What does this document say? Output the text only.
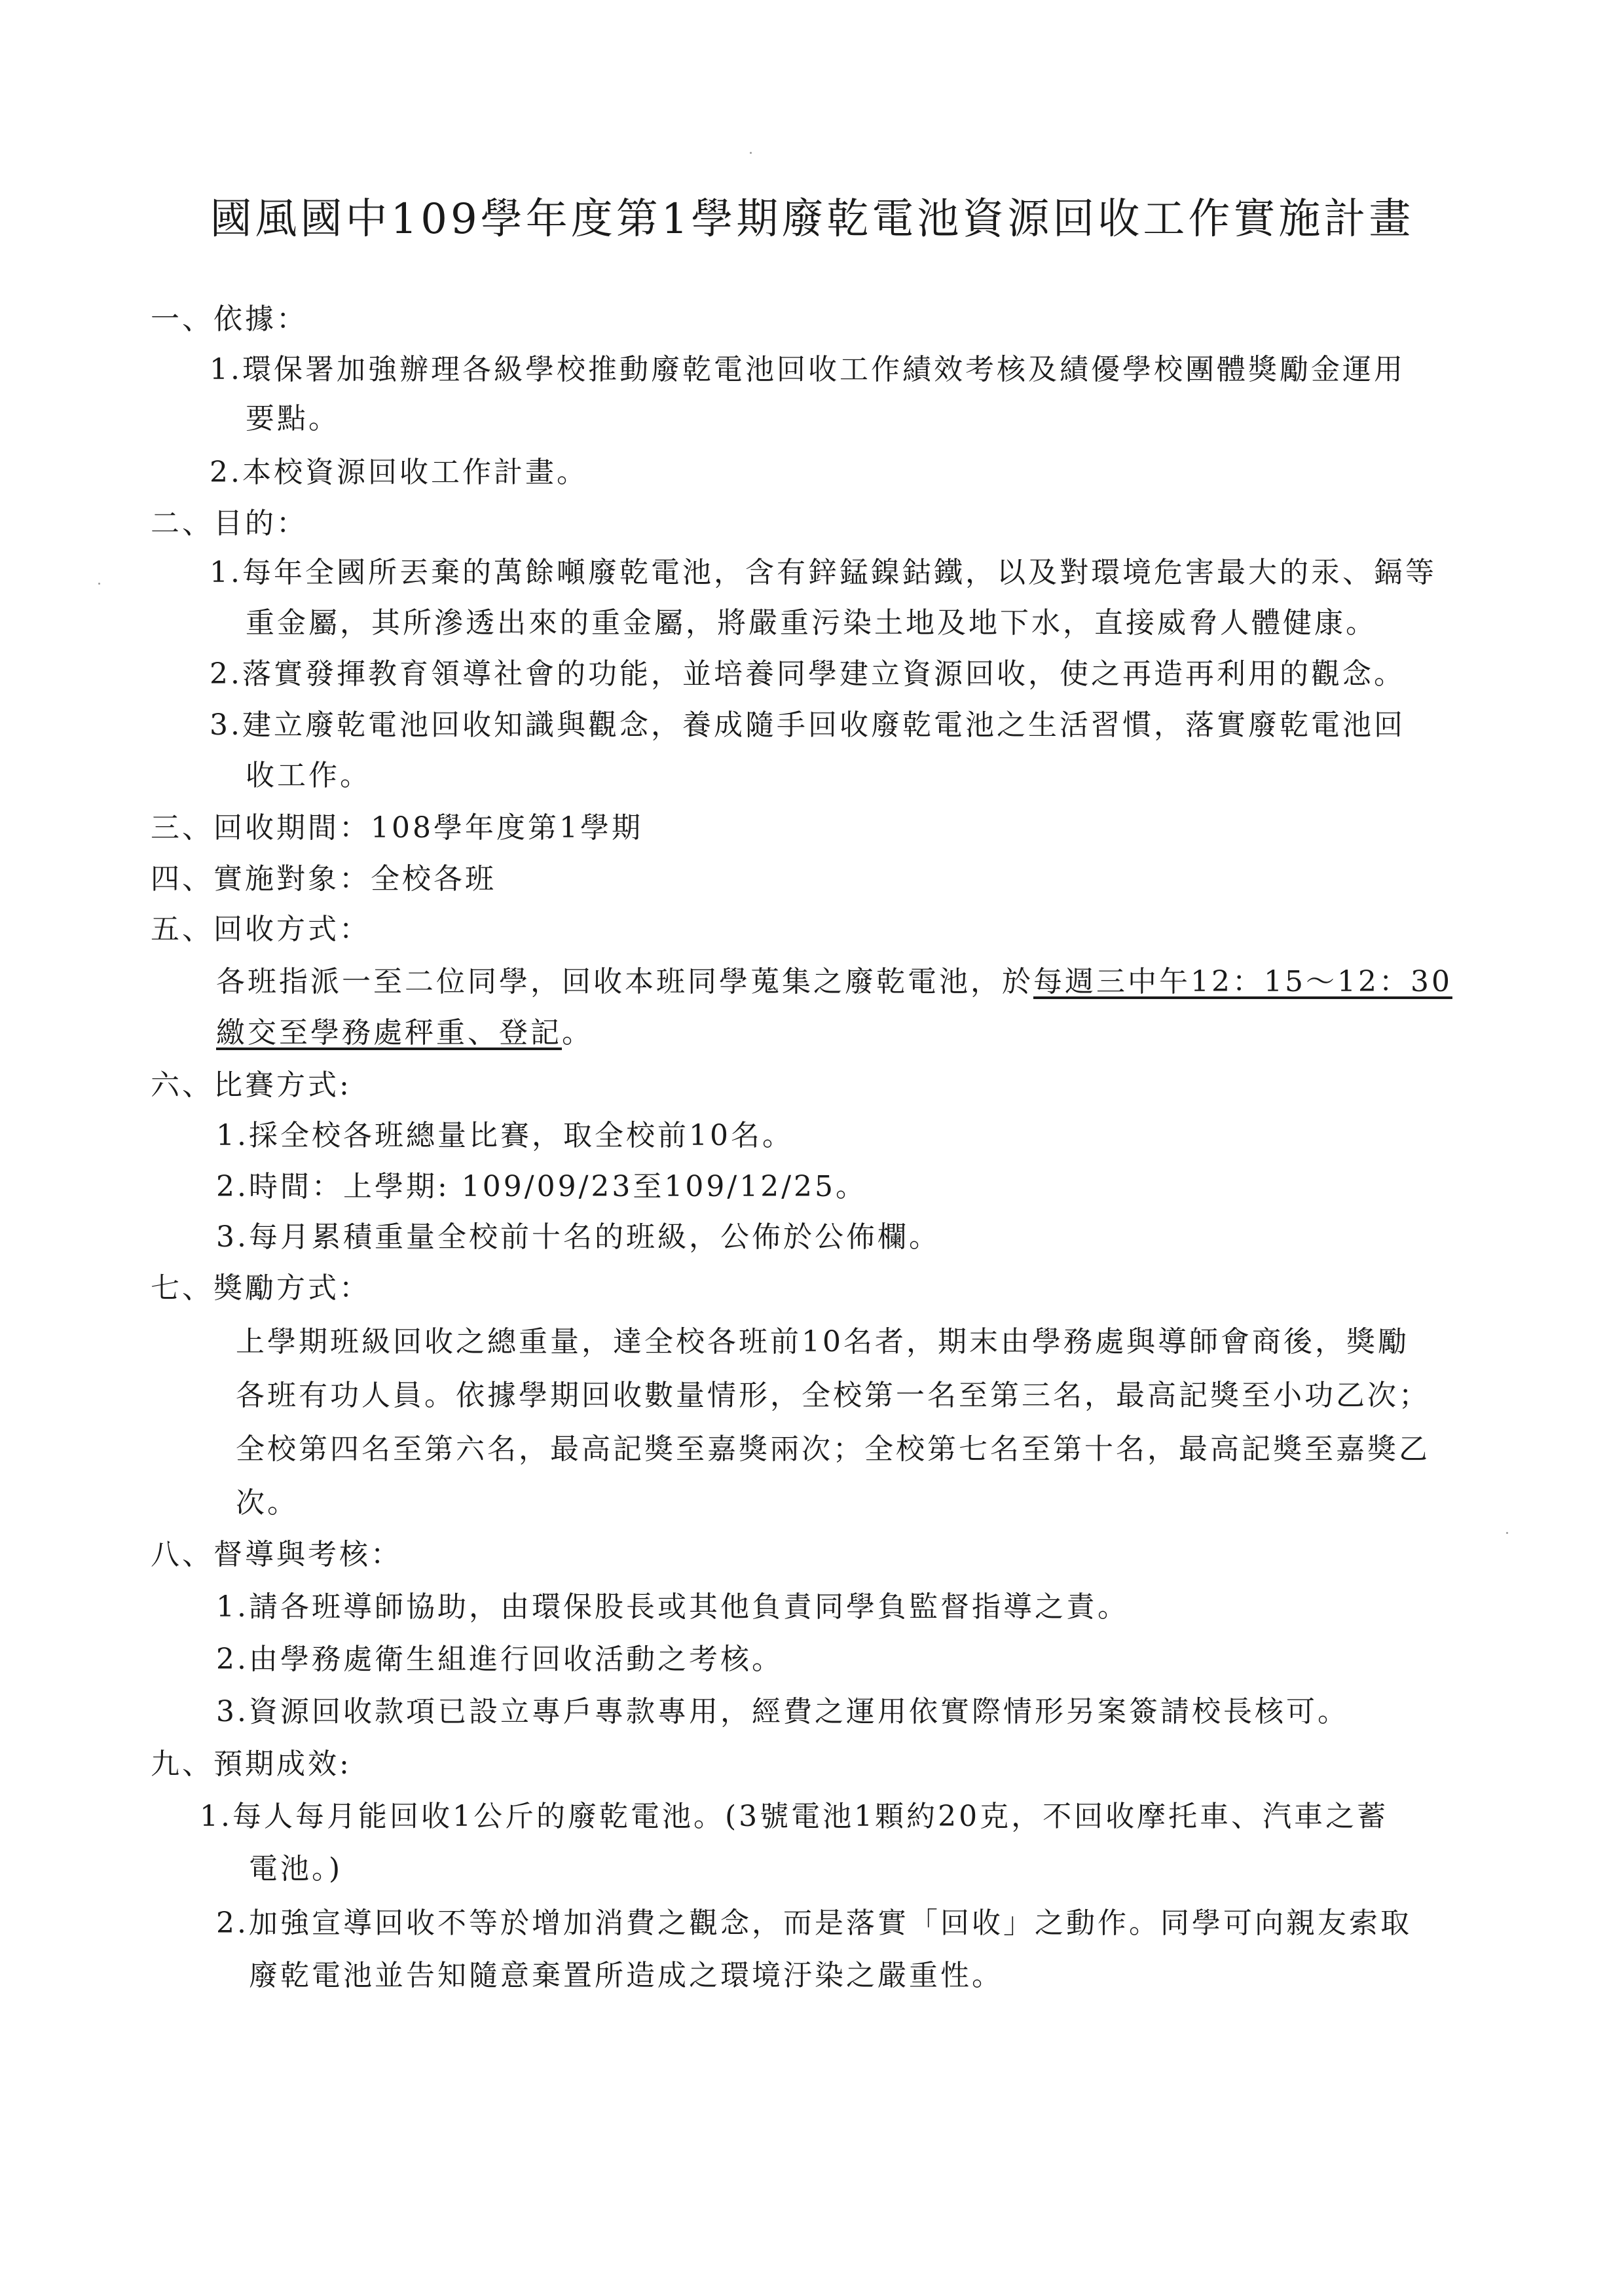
國風國中109學年度第1學期廢乾電池資源回收工作實施計畫
一、依據：
1.環保署加強辦理各級學校推動廢乾電池回收工作績效考核及績優學校團體獎勵金運用
要點。
2.本校資源回收工作計畫。
二、目的：
1.每年全國所丟棄的萬餘噸廢乾電池，含有鋅錳鎳鈷鐵，以及對環境危害最大的汞、鎘等
重金屬，其所滲透出來的重金屬，將嚴重污染土地及地下水，直接威脅人體健康。
2.落實發揮教育領導社會的功能，並培養同學建立資源回收，使之再造再利用的觀念。
3.建立廢乾電池回收知識與觀念，養成隨手回收廢乾電池之生活習慣，落實廢乾電池回
收工作。
三、回收期間：108學年度第1學期
四、實施對象：全校各班
五、回收方式：
各班指派一至二位同學，回收本班同學蒐集之廢乾電池，於每週三中午12：15～12：30
繳交至學務處秤重、登記。
六、比賽方式:
1.採全校各班總量比賽，取全校前10名。
2.時間：上學期: 109/09/23至109/12/25。
3.每月累積重量全校前十名的班級，公佈於公佈欄。
七、獎勵方式：
上學期班級回收之總重量，達全校各班前10名者，期末由學務處與導師會商後，獎勵
各班有功人員。依據學期回收數量情形，全校第一名至第三名，最高記獎至小功乙次；
全校第四名至第六名，最高記獎至嘉獎兩次；全校第七名至第十名，最高記獎至嘉獎乙
次。
八、督導與考核：
1.請各班導師協助，由環保股長或其他負責同學負監督指導之責。
2.由學務處衛生組進行回收活動之考核。
3.資源回收款項已設立專戶專款專用，經費之運用依實際情形另案簽請校長核可。
九、預期成效:
1.每人每月能回收1公斤的廢乾電池。(3號電池1顆約20克，不回收摩托車、汽車之蓄
電池。)
2.加強宣導回收不等於增加消費之觀念，而是落實「回收」之動作。同學可向親友索取
廢乾電池並告知隨意棄置所造成之環境汙染之嚴重性。
